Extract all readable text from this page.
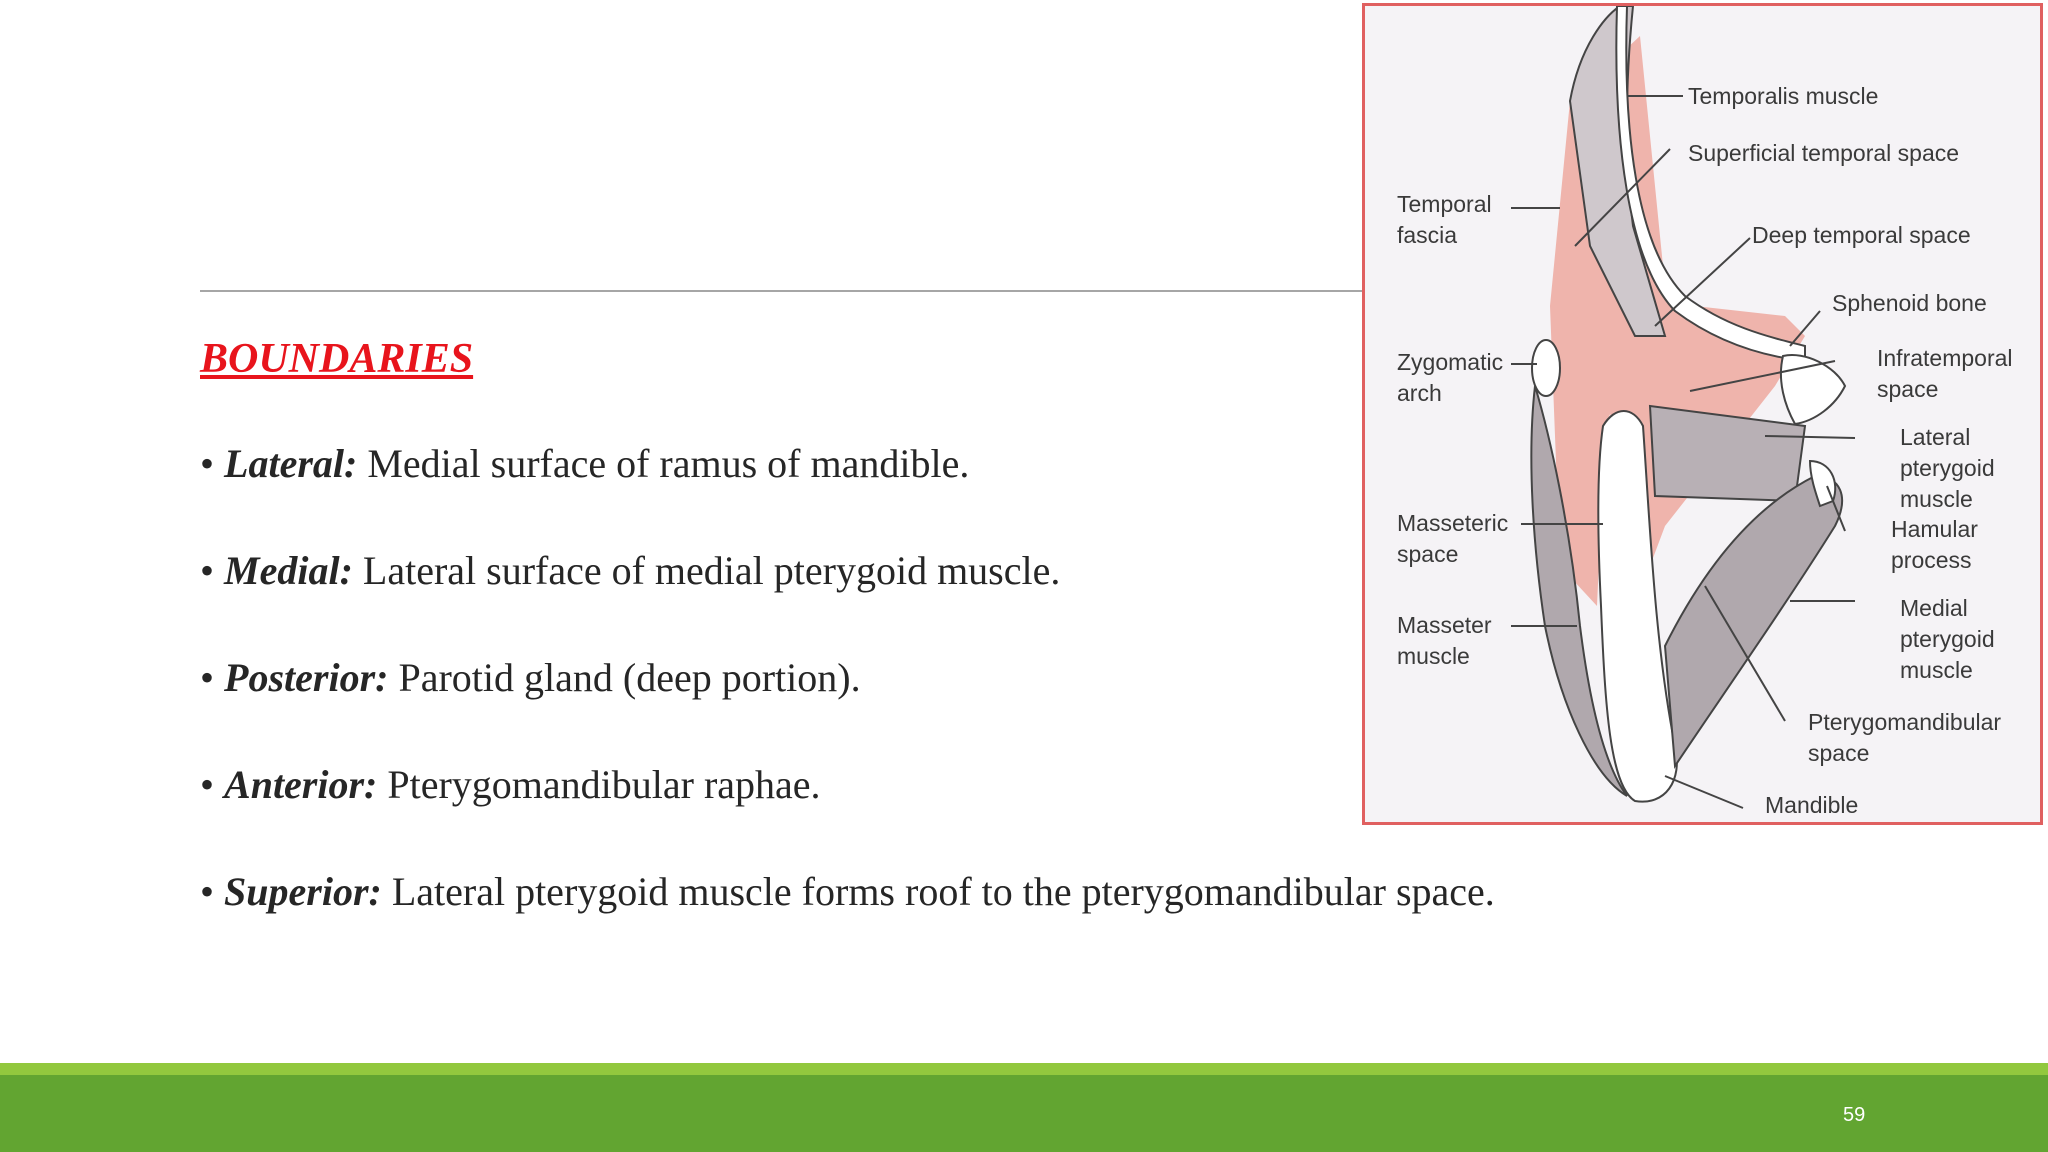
BOUNDARIES
• Lateral: Medial surface of ramus of mandible.
• Medial: Lateral surface of medial pterygoid muscle.
• Posterior: Parotid gland (deep portion).
• Anterior: Pterygomandibular raphae.
• Superior: Lateral pterygoid muscle forms roof to the pterygomandibular space.
Temporalis muscle
Superficial temporal space
Temporal
fascia	Deep temporal space
Sphenoid bone
Zygomatic
arch
Infratemporal
space
Lateral
pterygoid
muscle
Masseteric
space
Hamular
process
Masseter
muscle
Medial
pterygoid
muscle
Pterygomandibular
space
Mandible
59
